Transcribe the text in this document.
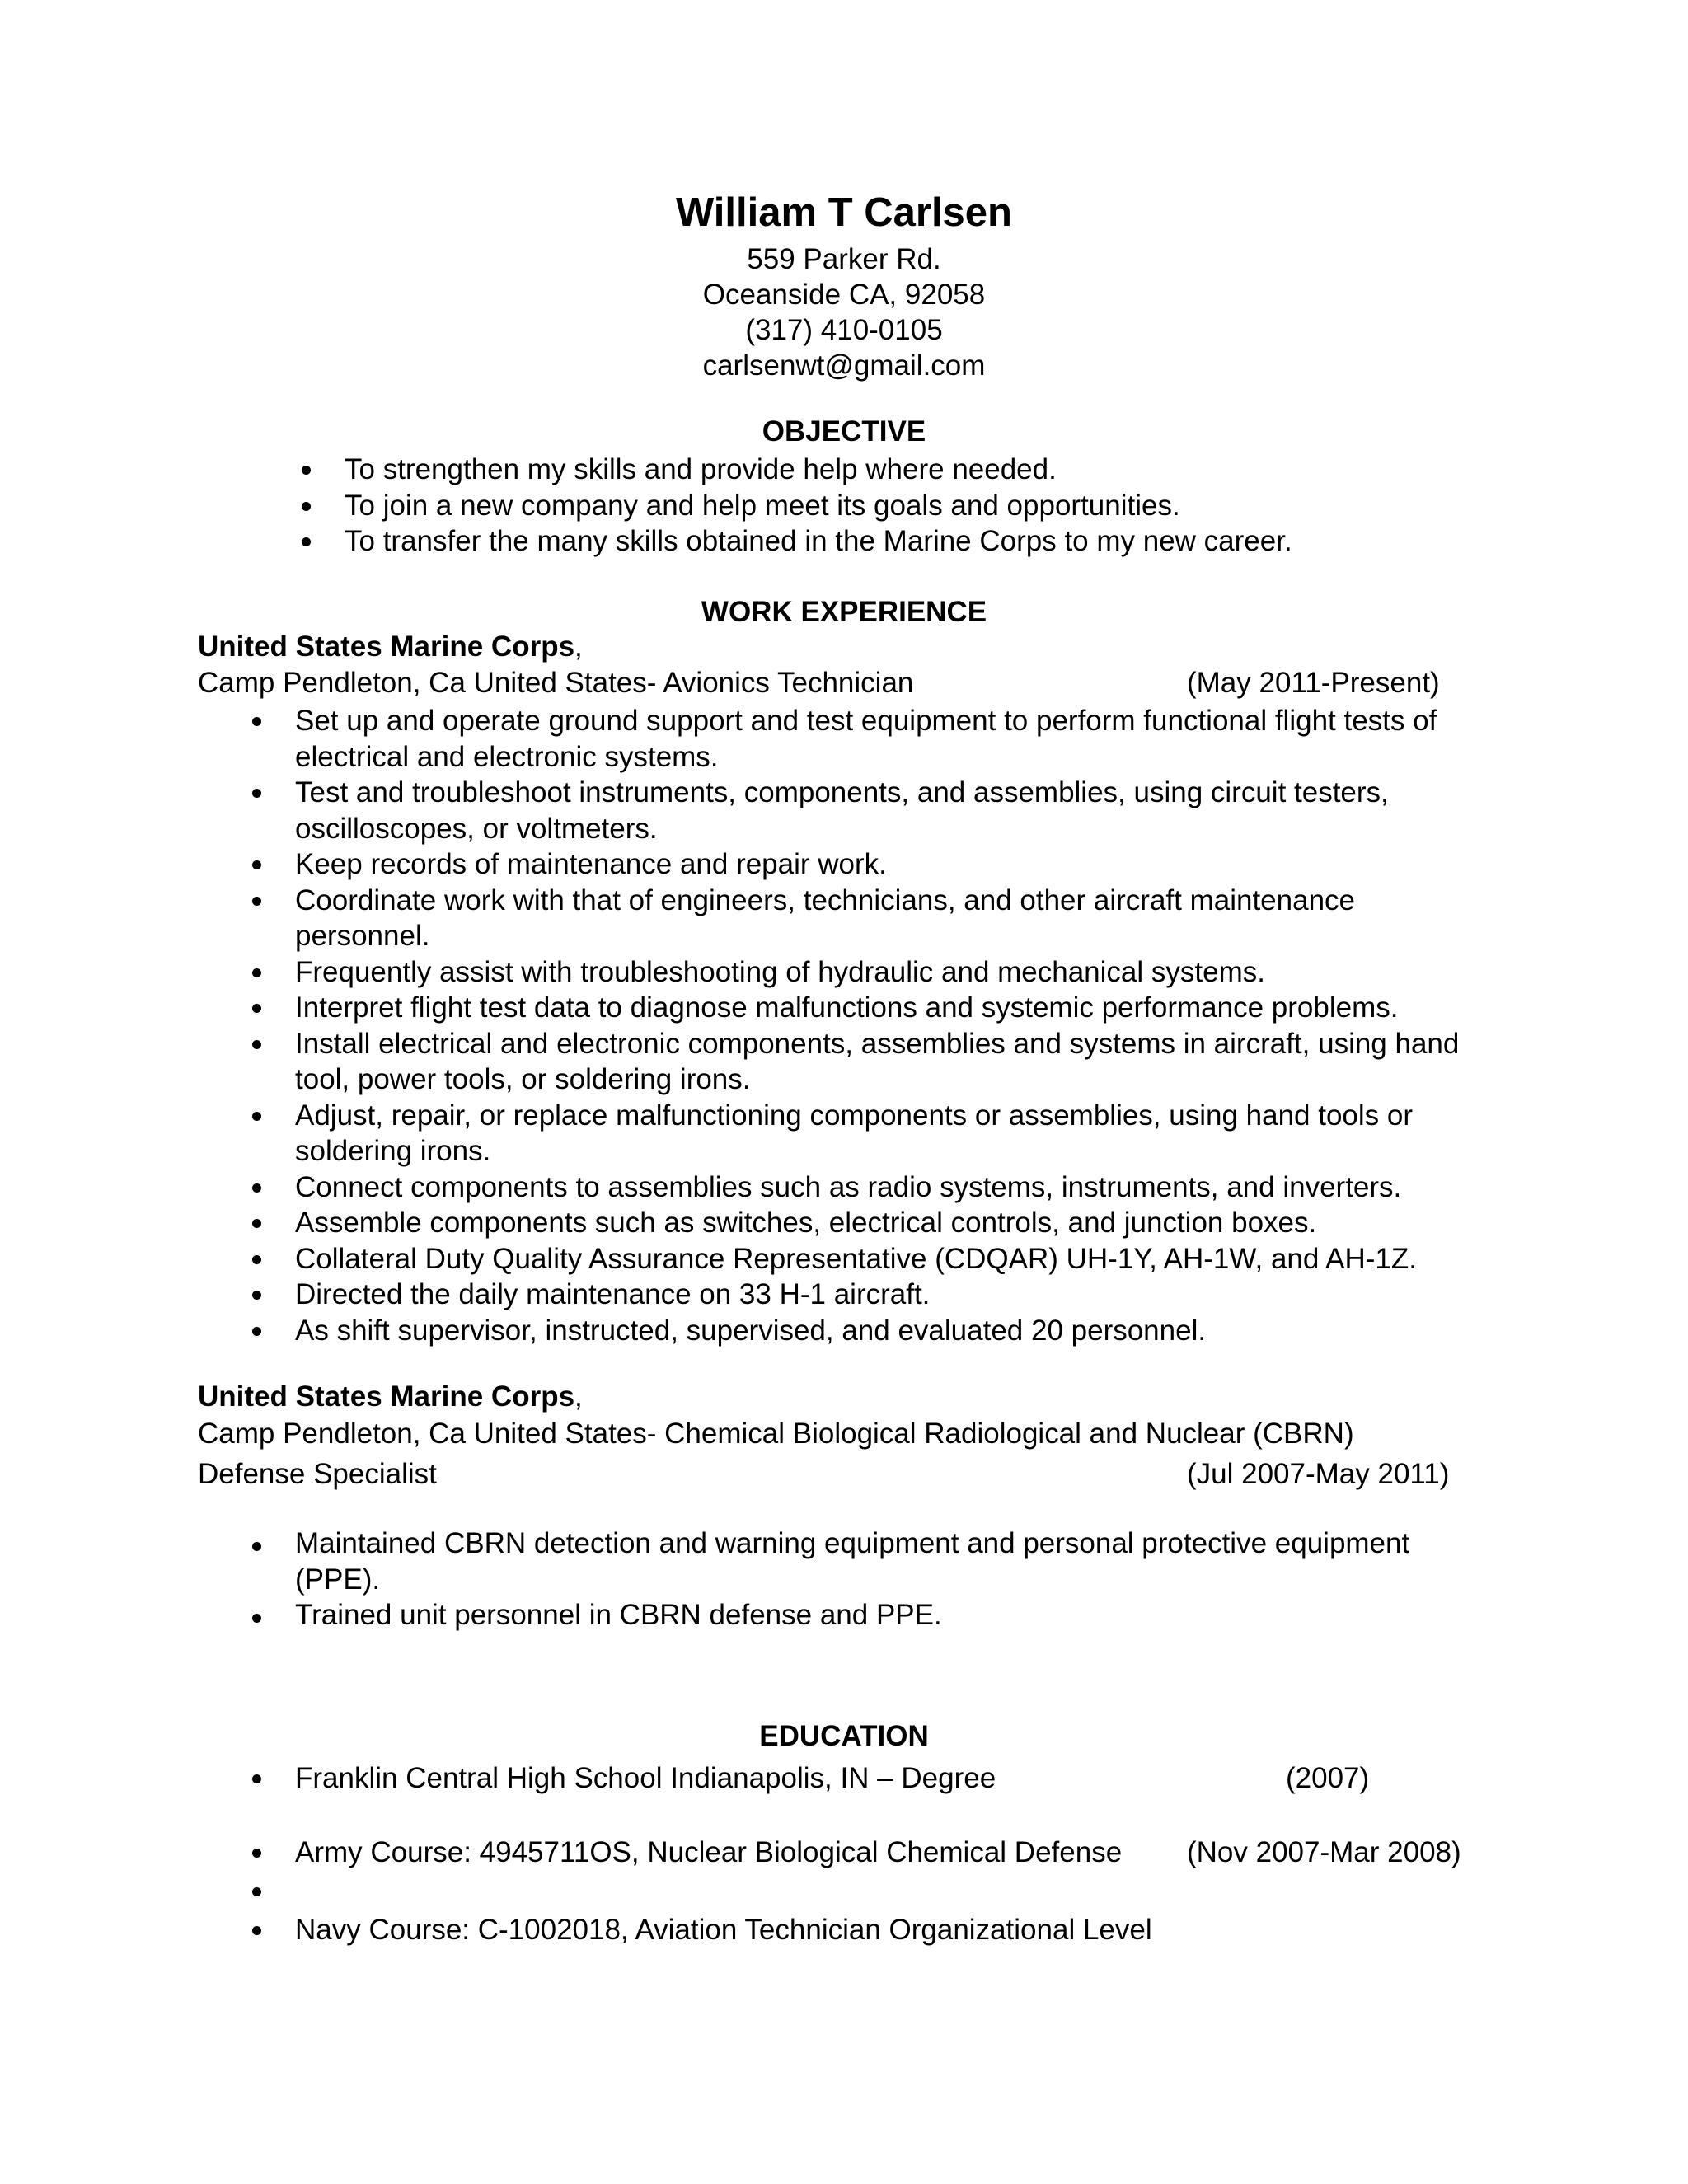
William T Carlsen
559 Parker Rd.
Oceanside CA, 92058
(317) 410-0105
carlsenwt@gmail.com
OBJECTIVE
To strengthen my skills and provide help where needed.
To join a new company and help meet its goals and opportunities.
To transfer the many skills obtained in the Marine Corps to my new career.
WORK EXPERIENCE
United States Marine Corps,
Camp Pendleton, Ca United States- Avionics Technician	(May 2011-Present)
Set up and operate ground support and test equipment to perform functional flight tests of electrical and electronic systems.
Test and troubleshoot instruments, components, and assemblies, using circuit testers, oscilloscopes, or voltmeters.
Keep records of maintenance and repair work.
Coordinate work with that of engineers, technicians, and other aircraft maintenance personnel.
Frequently assist with troubleshooting of hydraulic and mechanical systems.
Interpret flight test data to diagnose malfunctions and systemic performance problems.
Install electrical and electronic components, assemblies and systems in aircraft, using hand tool, power tools, or soldering irons.
Adjust, repair, or replace malfunctioning components or assemblies, using hand tools or soldering irons.
Connect components to assemblies such as radio systems, instruments, and inverters.
Assemble components such as switches, electrical controls, and junction boxes.
Collateral Duty Quality Assurance Representative (CDQAR) UH-1Y, AH-1W, and AH-1Z.
Directed the daily maintenance on 33 H-1 aircraft.
As shift supervisor, instructed, supervised, and evaluated 20 personnel.
United States Marine Corps,
Camp Pendleton, Ca United States- Chemical Biological Radiological and Nuclear (CBRN)
Defense Specialist	(Jul 2007-May 2011)
Maintained CBRN detection and warning equipment and personal protective equipment (PPE).
Trained unit personnel in CBRN defense and PPE.
EDUCATION
Franklin Central High School Indianapolis, IN – Degree	(2007)
Army Course: 4945711OS, Nuclear Biological Chemical Defense (Nov 2007-Mar 2008)
Navy Course: C-1002018, Aviation Technician Organizational Level
